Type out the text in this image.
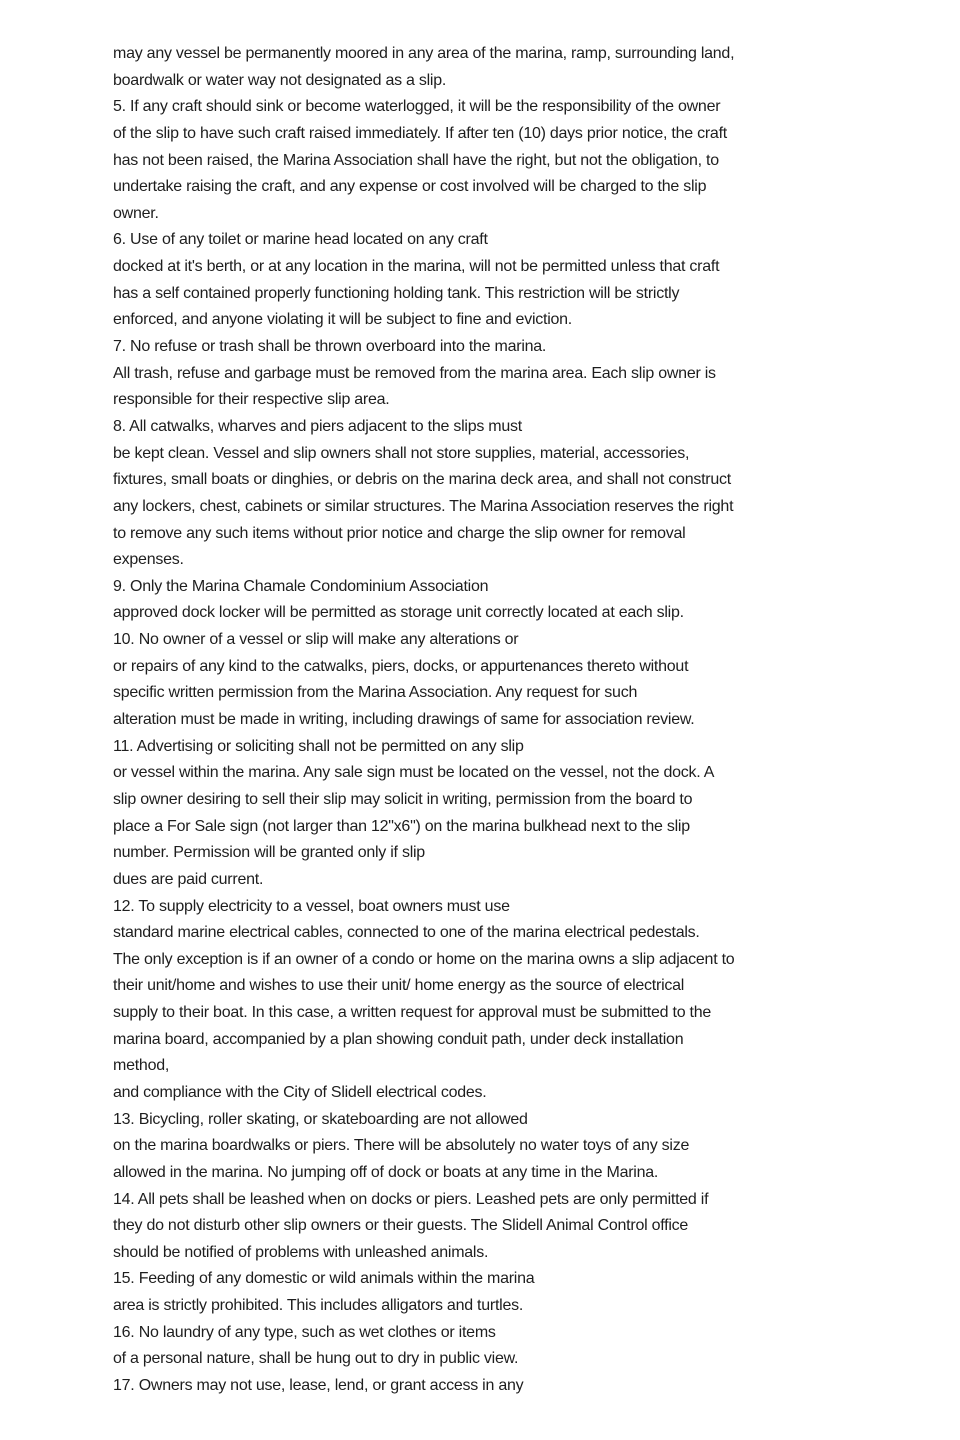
may any vessel be permanently moored in any area of the marina, ramp, surrounding land,
boardwalk or water way not designated as a slip.
5. If any craft should sink or become waterlogged, it will be the responsibility of the owner
of the slip to have such craft raised immediately. If after ten (10) days prior notice, the craft
has not been raised, the Marina Association shall have the right, but not the obligation, to
undertake raising the craft, and any expense or cost involved will be charged to the slip
owner.
6. Use of any toilet or marine head located on any craft
docked at it's berth, or at any location in the marina, will not be permitted unless that craft
has a self contained properly functioning holding tank. This restriction will be strictly
enforced, and anyone violating it will be subject to fine and eviction.
7. No refuse or trash shall be thrown overboard into the marina.
All trash, refuse and garbage must be removed from the marina area. Each slip owner is
responsible for their respective slip area.
8. All catwalks, wharves and piers adjacent to the slips must
be kept clean. Vessel and slip owners shall not store supplies, material, accessories,
fixtures, small boats or dinghies, or debris on the marina deck area, and shall not construct
any lockers, chest, cabinets or similar structures. The Marina Association reserves the right
to remove any such items without prior notice and charge the slip owner for removal
expenses.
9. Only the Marina Chamale Condominium Association
approved dock locker will be permitted as storage unit correctly located at each slip.
10. No owner of a vessel or slip will make any alterations or
or repairs of any kind to the catwalks, piers, docks, or appurtenances thereto without
specific written permission from the Marina Association. Any request for such
alteration must be made in writing, including drawings of same for association review.
11. Advertising or soliciting shall not be permitted on any slip
or vessel within the marina. Any sale sign must be located on the vessel, not the dock. A
slip owner desiring to sell their slip may solicit in writing, permission from the board to
place a For Sale sign (not larger than 12"x6") on the marina bulkhead next to the slip
number. Permission will be granted only if slip
dues are paid current.
12. To supply electricity to a vessel, boat owners must use
standard marine electrical cables, connected to one of the marina electrical pedestals.
The only exception is if an owner of a condo or home on the marina owns a slip adjacent to
their unit/home and wishes to use their unit/ home energy as the source of electrical
supply to their boat. In this case, a written request for approval must be submitted to the
marina board, accompanied by a plan showing conduit path, under deck installation
method,
and compliance with the City of Slidell electrical codes.
13. Bicycling, roller skating, or skateboarding are not allowed
on the marina boardwalks or piers. There will be absolutely no water toys of any size
allowed in the marina. No jumping off of dock or boats at any time in the Marina.
14. All pets shall be leashed when on docks or piers. Leashed pets are only permitted if
they do not disturb other slip owners or their guests. The Slidell Animal Control office
should be notified of problems with unleashed animals.
15. Feeding of any domestic or wild animals within the marina
area is strictly prohibited. This includes alligators and turtles.
16. No laundry of any type, such as wet clothes or items
of a personal nature, shall be hung out to dry in public view.
17. Owners may not use, lease, lend, or grant access in any
